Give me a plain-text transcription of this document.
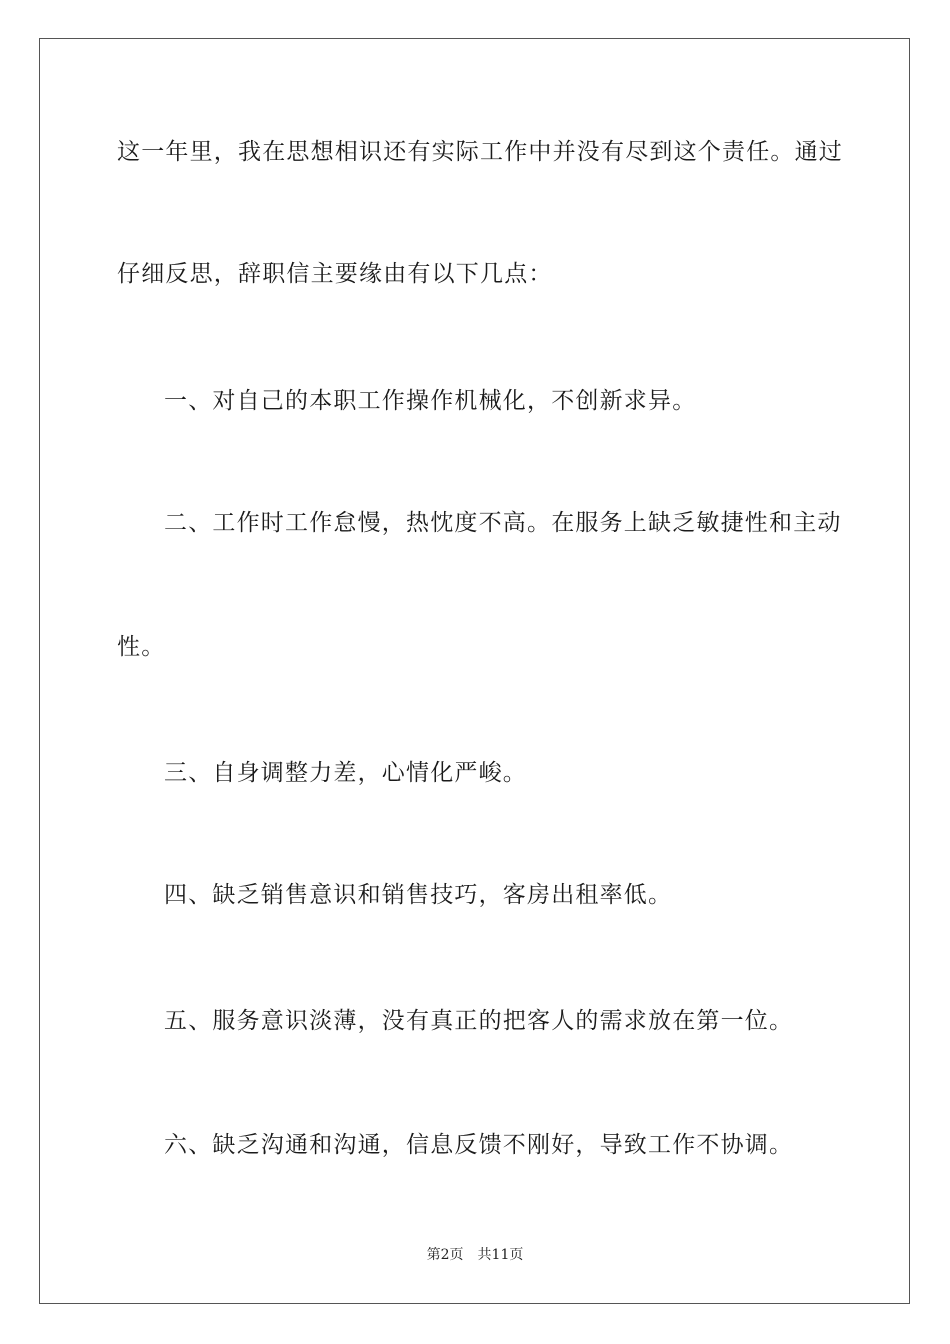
这一年里，我在思想相识还有实际工作中并没有尽到这个责任。通过
仔细反思，辞职信主要缘由有以下几点：
一、对自己的本职工作操作机械化，不创新求异。
二、工作时工作怠慢，热忱度不高。在服务上缺乏敏捷性和主动
性。
三、自身调整力差，心情化严峻。
四、缺乏销售意识和销售技巧，客房出租率低。
五、服务意识淡薄，没有真正的把客人的需求放在第一位。
六、缺乏沟通和沟通，信息反馈不刚好，导致工作不协调。
第2页 共11页
